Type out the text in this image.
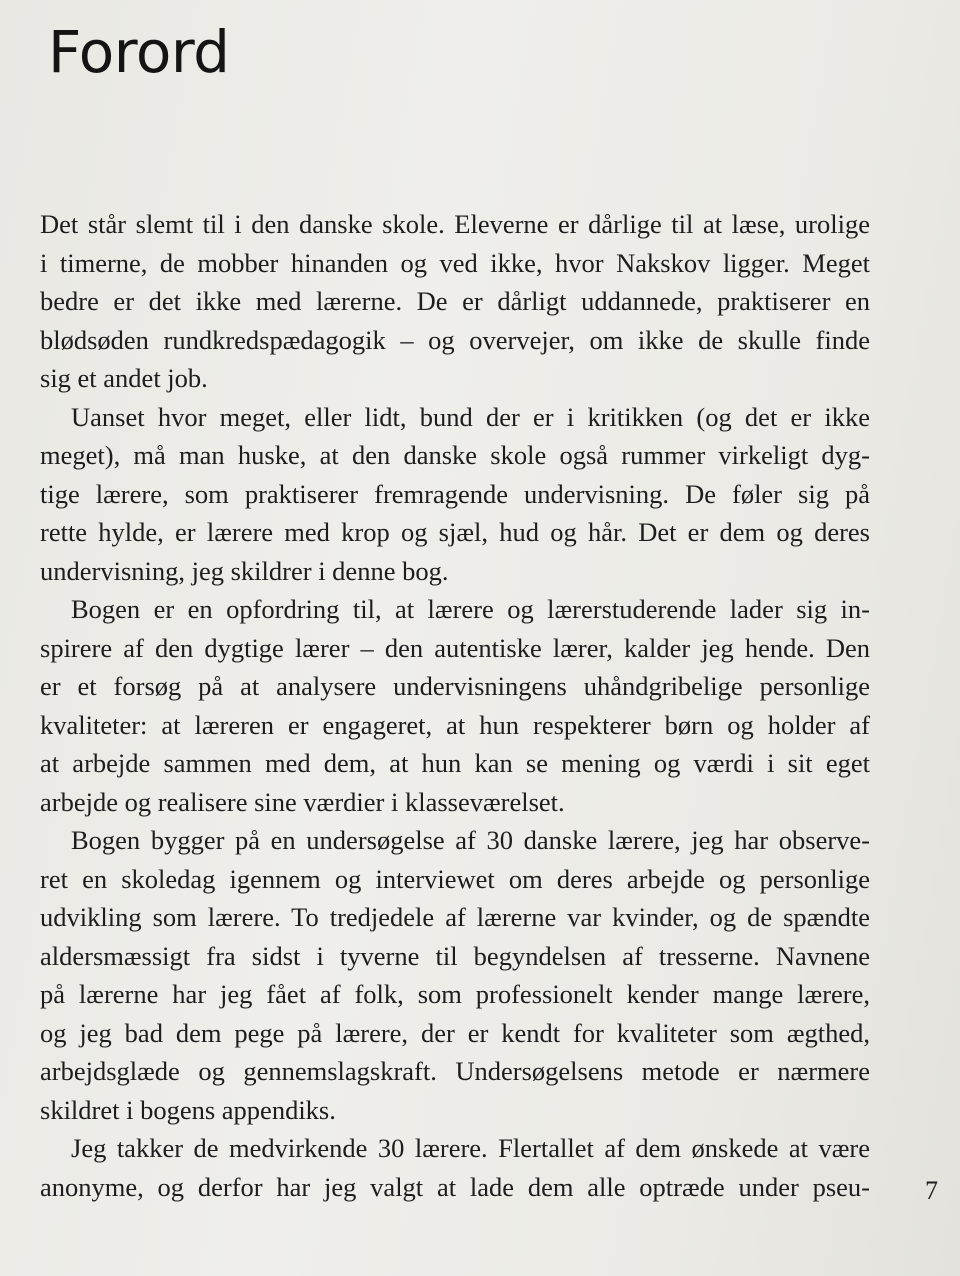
Forord

Det står slemt til i den danske skole. Eleverne er dårlige til at læse, urolige
i timerne, de mobber hinanden og ved ikke, hvor Nakskov ligger. Meget
bedre er det ikke med lærerne. De er dårligt uddannede, praktiserer en
blødsøden rundkredspædagogik – og overvejer, om ikke de skulle finde
sig et andet job.

Uanset hvor meget, eller lidt, bund der er i kritikken (og det er ikke
meget), må man huske, at den danske skole også rummer virkeligt dyg-
tige lærere, som praktiserer fremragende undervisning. De føler sig på
rette hylde, er lærere med krop og sjæl, hud og hår. Det er dem og deres
undervisning, jeg skildrer i denne bog.

Bogen er en opfordring til, at lærere og lærerstuderende lader sig in-
spirere af den dygtige lærer – den autentiske lærer, kalder jeg hende. Den
er et forsøg på at analysere undervisningens uhåndgribelige personlige
kvaliteter: at læreren er engageret, at hun respekterer børn og holder af
at arbejde sammen med dem, at hun kan se mening og værdi i sit eget
arbejde og realisere sine værdier i klasseværelset.

Bogen bygger på en undersøgelse af 30 danske lærere, jeg har observe-
ret en skoledag igennem og interviewet om deres arbejde og personlige
udvikling som lærere. To tredjedele af lærerne var kvinder, og de spændte
aldersmæssigt fra sidst i tyverne til begyndelsen af tresserne. Navnene
på lærerne har jeg fået af folk, som professionelt kender mange lærere,
og jeg bad dem pege på lærere, der er kendt for kvaliteter som ægthed,
arbejdsglæde og gennemslagskraft. Undersøgelsens metode er nærmere
skildret i bogens appendiks.

Jeg takker de medvirkende 30 lærere. Flertallet af dem ønskede at være
anonyme, og derfor har jeg valgt at lade dem alle optræde under pseu- 7
